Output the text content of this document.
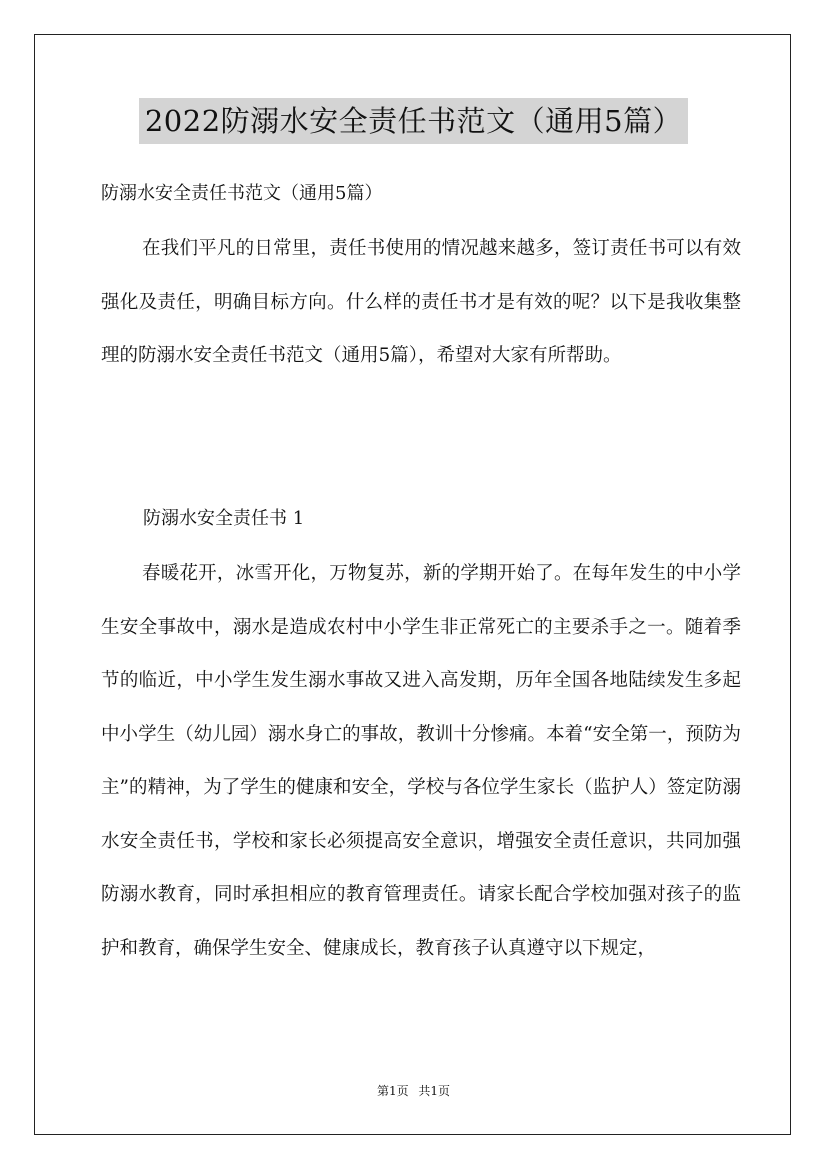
2022防溺水安全责任书范文（通用5篇）
防溺水安全责任书范文（通用5篇）

在我们平凡的日常里，责任书使用的情况越来越多，签订责任书可以有效强化及责任，明确目标方向。什么样的责任书才是有效的呢？以下是我收集整理的防溺水安全责任书范文（通用5篇），希望对大家有所帮助。

防溺水安全责任书 1

春暖花开，冰雪开化，万物复苏，新的学期开始了。在每年发生的中小学生安全事故中，溺水是造成农村中小学生非正常死亡的主要杀手之一。随着季节的临近，中小学生发生溺水事故又进入高发期，历年全国各地陆续发生多起中小学生（幼儿园）溺水身亡的事故，教训十分惨痛。本着“安全第一，预防为主”的精神，为了学生的健康和安全，学校与各位学生家长（监护人）签定防溺水安全责任书，学校和家长必须提高安全意识，增强安全责任意识，共同加强防溺水教育，同时承担相应的教育管理责任。请家长配合学校加强对孩子的监护和教育，确保学生安全、健康成长，教育孩子认真遵守以下规定，

第1页 共1页
